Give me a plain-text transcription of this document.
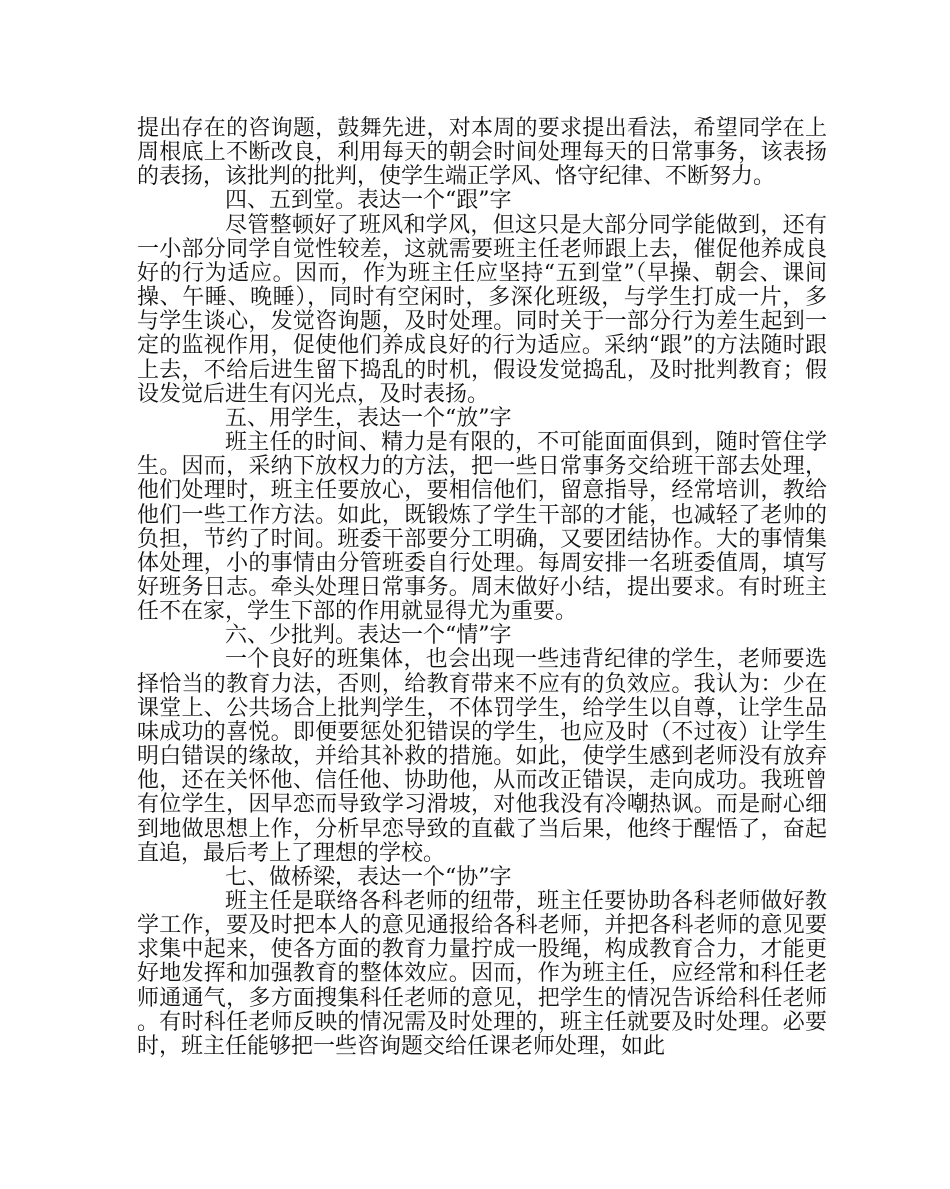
提出存在的咨询题，鼓舞先进，对本周的要求提出看法，希望同学在上周根底上不断改良，利用每天的朝会时间处理每天的日常事务，该表扬的表扬，该批判的批判，使学生端正学风、恪守纪律、不断努力。

四、五到堂。表达一个“跟”字

尽管整顿好了班风和学风，但这只是大部分同学能做到，还有一小部分同学自觉性较差，这就需要班主任老师跟上去，催促他养成良好的行为适应。因而，作为班主任应坚持“五到堂”（早操、朝会、课间操、午睡、晚睡），同时有空闲时，多深化班级，与学生打成一片，多与学生谈心，发觉咨询题，及时处理。同时关于一部分行为差生起到一定的监视作用，促使他们养成良好的行为适应。采纳“跟”的方法随时跟上去，不给后进生留下捣乱的时机，假设发觉捣乱，及时批判教育；假设发觉后进生有闪光点，及时表扬。

五、用学生，表达一个“放”字

班主任的时间、精力是有限的，不可能面面俱到，随时管住学生。因而，采纳下放权力的方法，把一些日常事务交给班干部去处理，他们处理时，班主任要放心，要相信他们，留意指导，经常培训，教给他们一些工作方法。如此，既锻炼了学生干部的才能，也减轻了老帅的负担，节约了时间。班委干部要分工明确，又要团结协作。大的事情集体处理，小的事情由分管班委自行处理。每周安排一名班委值周，填写好班务日志。牵头处理日常事务。周末做好小结，提出要求。有时班主任不在家，学生下部的作用就显得尤为重要。

六、少批判。表达一个“情”字

一个良好的班集体，也会出现一些违背纪律的学生，老师要选择恰当的教育力法，否则，给教育带来不应有的负效应。我认为：少在课堂上、公共场合上批判学生，不体罚学生，给学生以自尊，让学生品味成功的喜悦。即便要惩处犯错误的学生，也应及时（不过夜）让学生明白错误的缘故，并给其补救的措施。如此，使学生感到老师没有放弃他，还在关怀他、信任他、协助他，从而改正错误，走向成功。我班曾有位学生，因早恋而导致学习滑坡，对他我没有冷嘲热讽。而是耐心细到地做思想上作，分析早恋导致的直截了当后果，他终于醒悟了，奋起直追，最后考上了理想的学校。

七、做桥梁，表达一个“协”字

班主任是联络各科老师的纽带，班主任要协助各科老师做好教学工作，要及时把本人的意见通报给各科老师，并把各科老师的意见要求集中起来，使各方面的教育力量拧成一股绳，构成教育合力，才能更好地发挥和加强教育的整体效应。因而，作为班主任，应经常和科任老师通通气，多方面搜集科任老师的意见，把学生的情况告诉给科任老师。有时科任老师反映的情况需及时处理的，班主任就要及时处理。必要时，班主任能够把一些咨询题交给任课老师处理，如此
